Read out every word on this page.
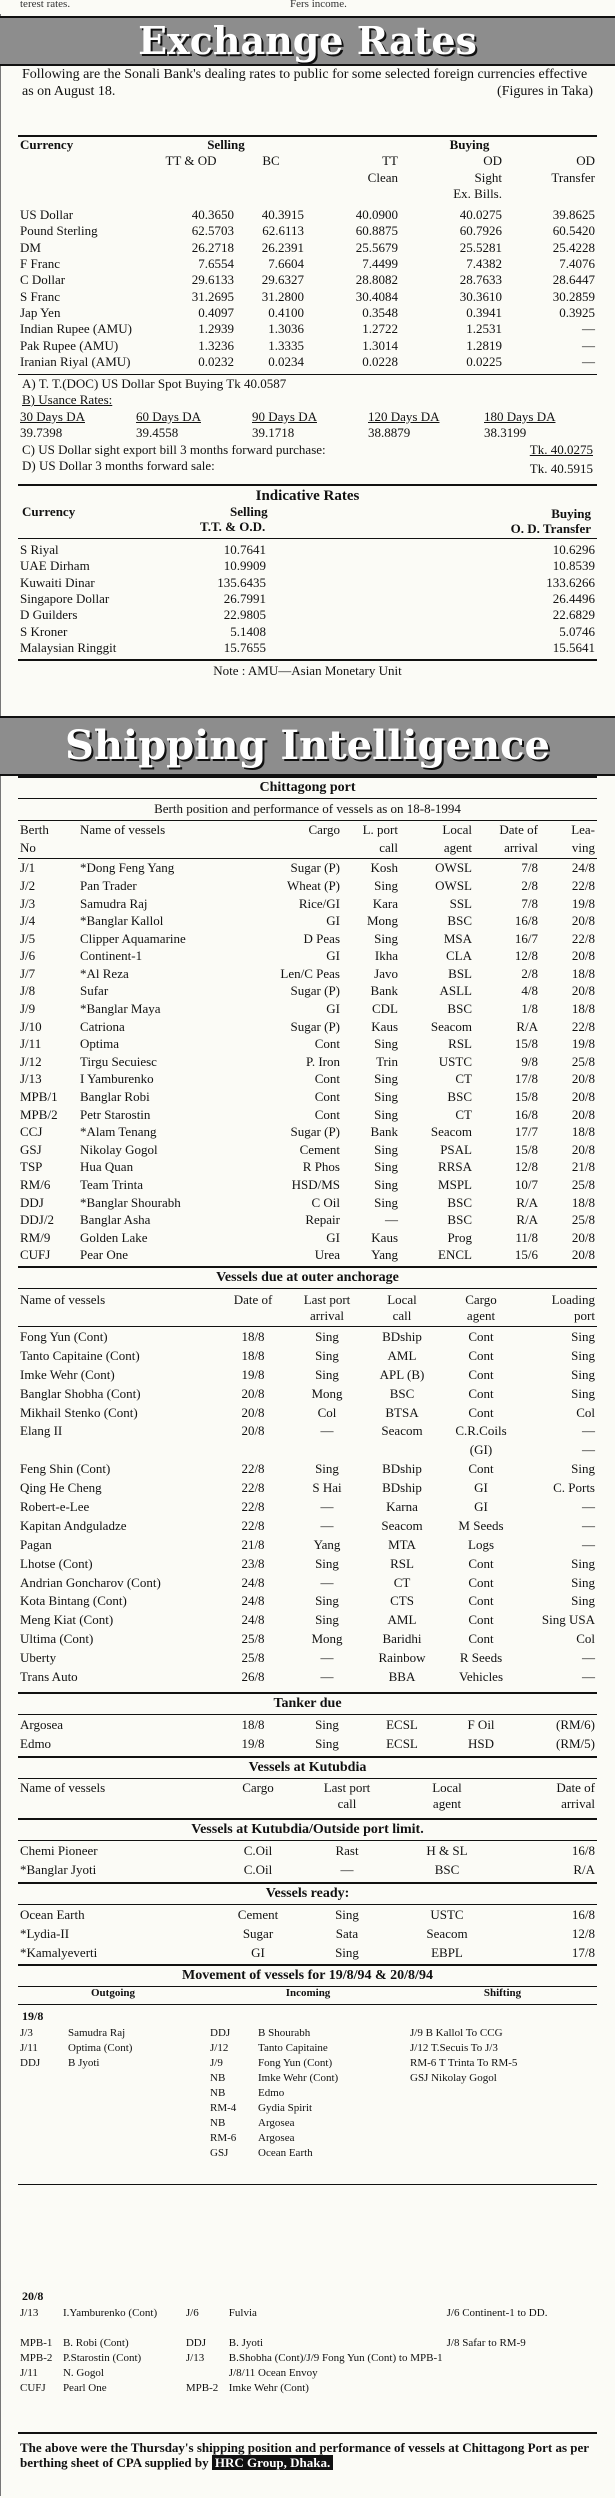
terest rates.	Fers income.
Exchange Rates
Following are the Sonali Bank's dealing rates to public for some selected foreign currencies effective as on August 18.	(Figures in Taka)
Currency	Selling			Buying	
	TT & OD	BC	TT	OD	OD
			Clean	Sight	Transfer
				Ex. Bills.	
US Dollar	40.3650	40.3915	40.0900	40.0275	39.8625
Pound Sterling	62.5703	62.6113	60.8875	60.7926	60.5420
DM	26.2718	26.2391	25.5679	25.5281	25.4228
F Franc	7.6554	7.6604	7.4499	7.4382	7.4076
C Dollar	29.6133	29.6327	28.8082	28.7633	28.6447
S Franc	31.2695	31.2800	30.4084	30.3610	30.2859
Jap Yen	0.4097	0.4100	0.3548	0.3941	0.3925
Indian Rupee (AMU)	1.2939	1.3036	1.2722	1.2531	—
Pak Rupee (AMU)	1.3236	1.3335	1.3014	1.2819	—
Iranian Riyal (AMU)	0.0232	0.0234	0.0228	0.0225	—
A) T. T.(DOC) US Dollar Spot Buying Tk 40.0587
B) Usance Rates:
30 Days DA	60 Days DA	90 Days DA	120 Days DA	180 Days DA
39.7398	39.4558	39.1718	38.8879	38.3199
C) US Dollar sight export bill 3 months forward purchase:	Tk. 40.0275
D) US Dollar 3 months forward sale:	Tk. 40.5915
Indicative Rates
Currency	Selling
T.T. & O.D.
Buying
O. D. Transfer
S Riyal	10.7641		10.6296
UAE Dirham	10.9909		10.8539
Kuwaiti Dinar	135.6435		133.6266
Singapore Dollar	26.7991		26.4496
D Guilders	22.9805		22.6829
S Kroner	5.1408		5.0746
Malaysian Ringgit	15.7655		15.5641
Note : AMU—Asian Monetary Unit
Shipping Intelligence
Chittagong port
Berth position and performance of vessels as on 18-8-1994
Berth	Name of vessels	Cargo	L. port	Local	Date of	Lea-
No			call	agent	arrival	ving
J/1	*Dong Feng Yang	Sugar (P)	Kosh	OWSL	7/8	24/8
J/2	Pan Trader	Wheat (P)	Sing	OWSL	2/8	22/8
J/3	Samudra Raj	Rice/GI	Kara	SSL	7/8	19/8
J/4	*Banglar Kallol	GI	Mong	BSC	16/8	20/8
J/5	Clipper Aquamarine	D Peas	Sing	MSA	16/7	22/8
J/6	Continent-1	GI	Ikha	CLA	12/8	20/8
J/7	*Al Reza	Len/C Peas	Javo	BSL	2/8	18/8
J/8	Sufar	Sugar (P)	Bank	ASLL	4/8	20/8
J/9	*Banglar Maya	GI	CDL	BSC	1/8	18/8
J/10	Catriona	Sugar (P)	Kaus	Seacom	R/A	22/8
J/11	Optima	Cont	Sing	RSL	15/8	19/8
J/12	Tirgu Secuiesc	P. Iron	Trin	USTC	9/8	25/8
J/13	I Yamburenko	Cont	Sing	CT	17/8	20/8
MPB/1	Banglar Robi	Cont	Sing	BSC	15/8	20/8
MPB/2	Petr Starostin	Cont	Sing	CT	16/8	20/8
CCJ	*Alam Tenang	Sugar (P)	Bank	Seacom	17/7	18/8
GSJ	Nikolay Gogol	Cement	Sing	PSAL	15/8	20/8
TSP	Hua Quan	R Phos	Sing	RRSA	12/8	21/8
RM/6	Team Trinta	HSD/MS	Sing	MSPL	10/7	25/8
DDJ	*Banglar Shourabh	C Oil	Sing	BSC	R/A	18/8
DDJ/2	Banglar Asha	Repair	—	BSC	R/A	25/8
RM/9	Golden Lake	GI	Kaus	Prog	11/8	20/8
CUFJ	Pear One	Urea	Yang	ENCL	15/6	20/8
Vessels due at outer anchorage
Name of vessels	Date of	Last port	Local	Cargo	Loading
		arrival	call	agent	port
Fong Yun (Cont)	18/8	Sing	BDship	Cont	Sing
Tanto Capitaine (Cont)	18/8	Sing	AML	Cont	Sing
Imke Wehr (Cont)	19/8	Sing	APL (B)	Cont	Sing
Banglar Shobha (Cont)	20/8	Mong	BSC	Cont	Sing
Mikhail Stenko (Cont)	20/8	Col	BTSA	Cont	Col
Elang II	20/8	—	Seacom	C.R.Coils	—
				(GI)	—
Feng Shin (Cont)	22/8	Sing	BDship	Cont	Sing
Qing He Cheng	22/8	S Hai	BDship	GI	C. Ports
Robert-e-Lee	22/8	—	Karna	GI	—
Kapitan Andguladze	22/8	—	Seacom	M Seeds	—
Pagan	21/8	Yang	MTA	Logs	—
Lhotse (Cont)	23/8	Sing	RSL	Cont	Sing
Andrian Goncharov (Cont)	24/8	—	CT	Cont	Sing
Kota Bintang (Cont)	24/8	Sing	CTS	Cont	Sing
Meng Kiat (Cont)	24/8	Sing	AML	Cont	Sing USA
Ultima (Cont)	25/8	Mong	Baridhi	Cont	Col
Uberty	25/8	—	Rainbow	R Seeds	—
Trans Auto	26/8	—	BBA	Vehicles	—
Tanker due
Argosea	18/8	Sing	ECSL	F Oil	(RM/6)
Edmo	19/8	Sing	ECSL	HSD	(RM/5)
Vessels at Kutubdia
Name of vessels	Cargo	Last port	Local	Date of
		call	agent	arrival
Vessels at Kutubdia/Outside port limit.
Chemi Pioneer	C.Oil	Rast	H & SL	16/8
*Banglar Jyoti	C.Oil	—	BSC	R/A
Vessels ready:
Ocean Earth	Cement	Sing	USTC	16/8
*Lydia-II	Sugar	Sata	Seacom	12/8
*Kamalyeverti	GI	Sing	EBPL	17/8
Movement of vessels for 19/8/94 & 20/8/94
Outgoing	Incoming	Shifting
19/8
J/3	Samudra Raj	DDJ	B Shourabh	J/9 B Kallol To CCG
J/11	Optima (Cont)	J/12	Tanto Capitaine	J/12 T.Secuis To J/3
DDJ	B Jyoti	J/9	Fong Yun (Cont)	RM-6 T Trinta To RM-5
		NB	Imke Wehr (Cont)	GSJ Nikolay Gogol
		NB	Edmo	
		RM-4	Gydia Spirit	
		NB	Argosea	
		RM-6	Argosea	
		GSJ	Ocean Earth	
20/8
J/13	I.Yamburenko (Cont)	J/6	Fulvia	J/6 Continent-1 to DD.

MPB-1	B. Robi (Cont)	DDJ	B. Jyoti	J/8 Safar to RM-9
MPB-2	P.Starostin (Cont)	J/13	B.Shobha (Cont)/J/9 Fong Yun (Cont) to MPB-1	
J/11	N. Gogol		J/8/11 Ocean Envoy	
CUFJ	Pearl One	MPB-2	Imke Wehr (Cont)	
The above were the Thursday's shipping position and performance of vessels at Chittagong Port as per berthing sheet of CPA supplied by HRC Group, Dhaka.
